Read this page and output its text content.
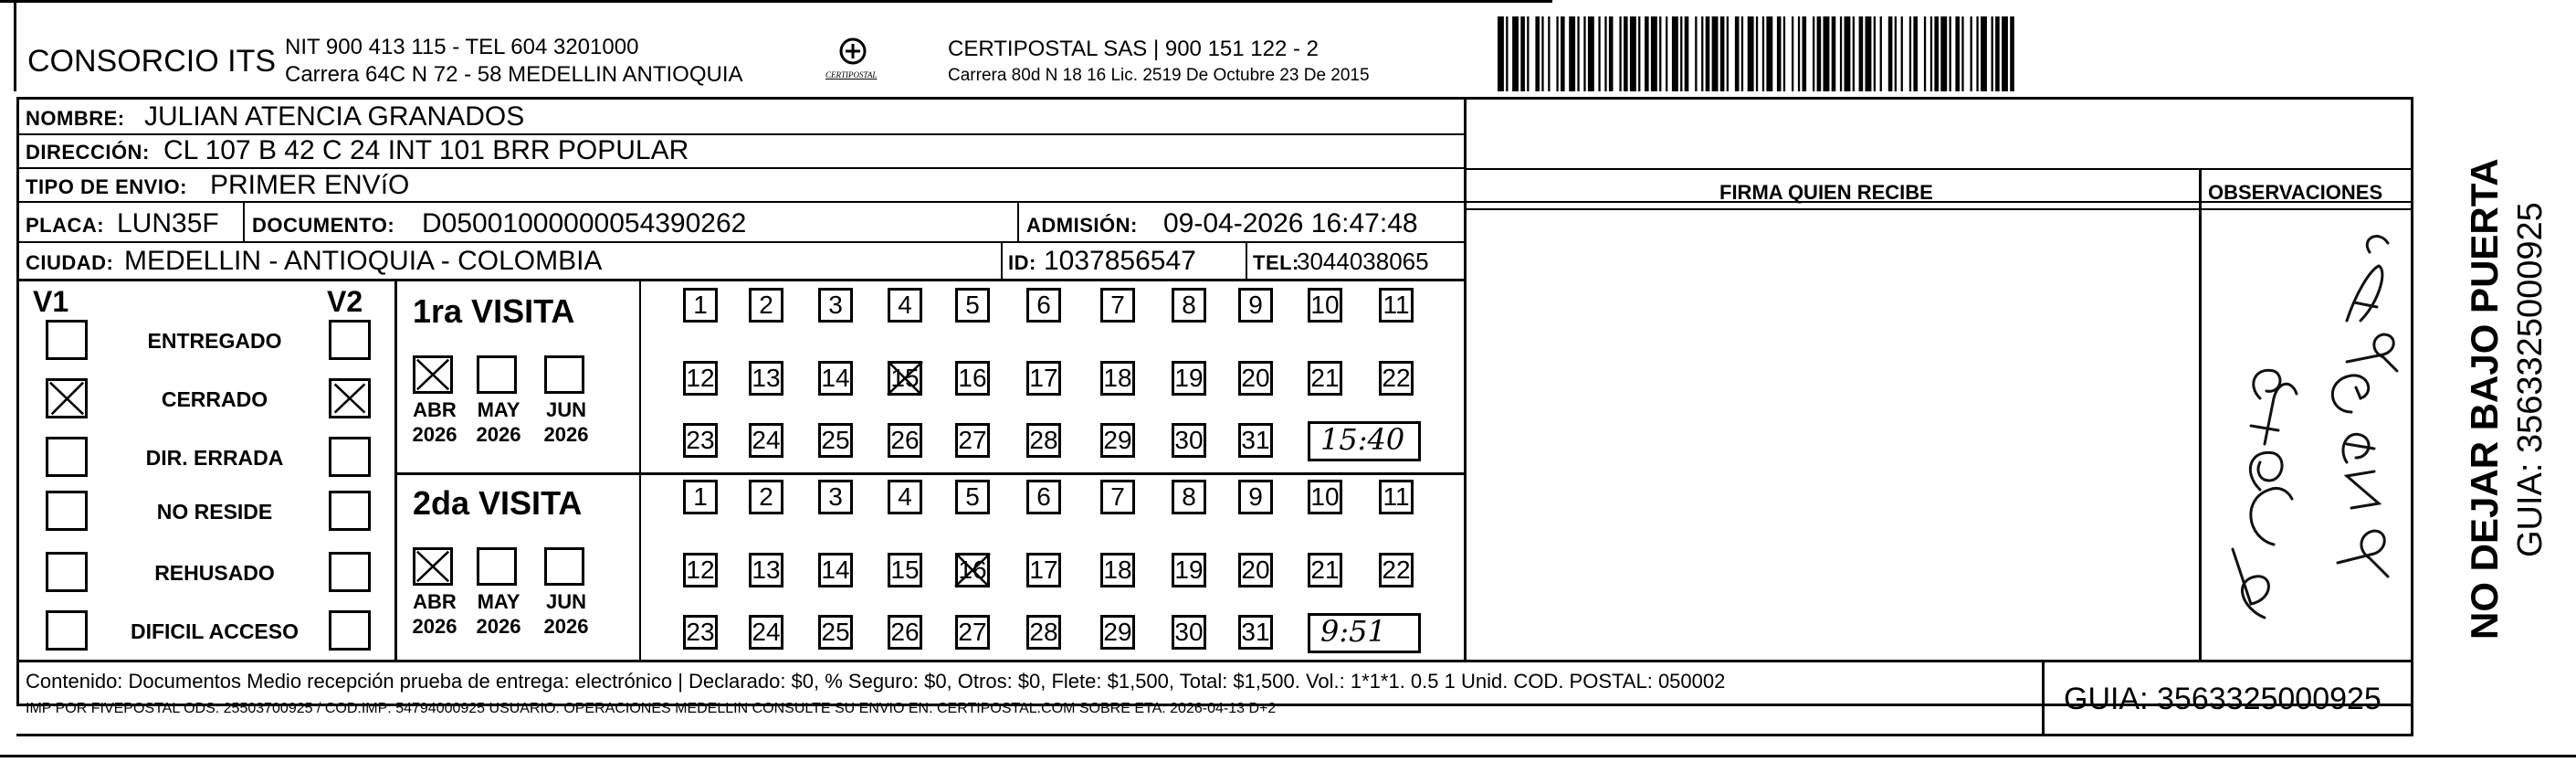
CONSORCIO ITS NIT 900 413 115 - TEL 604 3201000
Carrera 64C N 72 - 58 MEDELLIN ANTIOQUIA	CERTIPOSTAL
CERTIPOSTAL SAS | 900 151 122 - 2
Carrera 80d N 18 16 Lic. 2519 De Octubre 23 De 2015
NOMBRE: JULIAN ATENCIA GRANADOS
DIRECCIÓN: CL 107 B 42 C 24 INT 101 BRR POPULAR
TIPO DE ENVIO: PRIMER ENVíO
PLACA: LUN35F DOCUMENTO: D05001000000054390262	ADMISIÓN: 09-04-2026 16:47:48
CIUDAD: MEDELLIN - ANTIOQUIA - COLOMBIA	ID: 1037856547	TEL:
3044038065
FIRMA QUIEN RECIBE	OBSERVACIONES
V1	V2
ENTREGADO
CERRADO
DIR. ERRADA
NO RESIDE
REHUSADO
DIFICIL ACCESO
1ra VISITA
ABR
2026
MAY
2026
JUN
2026
1	2	3	4	5	6	7	8	9	10 11
12 13 14 15 16 17 18 19 20 21 22
23 24 25 26 27 28 29 30 31 15:40
2da VISITA
ABR
2026
MAY
2026
JUN
2026
1	2	3	4	5	6	7	8	9	10 11
12 13 14 15 16 17 18 19 20 21 22
23 24 25 26 27 28 29 30 31 9:51
Contenido: Documentos Medio recepción prueba de entrega: electrónico | Declarado: $0, % Seguro: $0, Otros: $0, Flete: $1,500, Total: $1,500. Vol.: 1*1*1. 0.5 1 Unid. COD. POSTAL: 050002
IMP POR FIVEPOSTAL ODS: 25503700925 / COD.IMP: 54794000925 USUARIO: OPERACIONES MEDELLIN CONSULTE SU ENVIO EN: CERTIPOSTAL.COM SOBRE ETA: 2026-04-13 D+2	GUIA: 3563325000925
NO DEJAR BAJO PUERTA GUIA: 3563325000925
